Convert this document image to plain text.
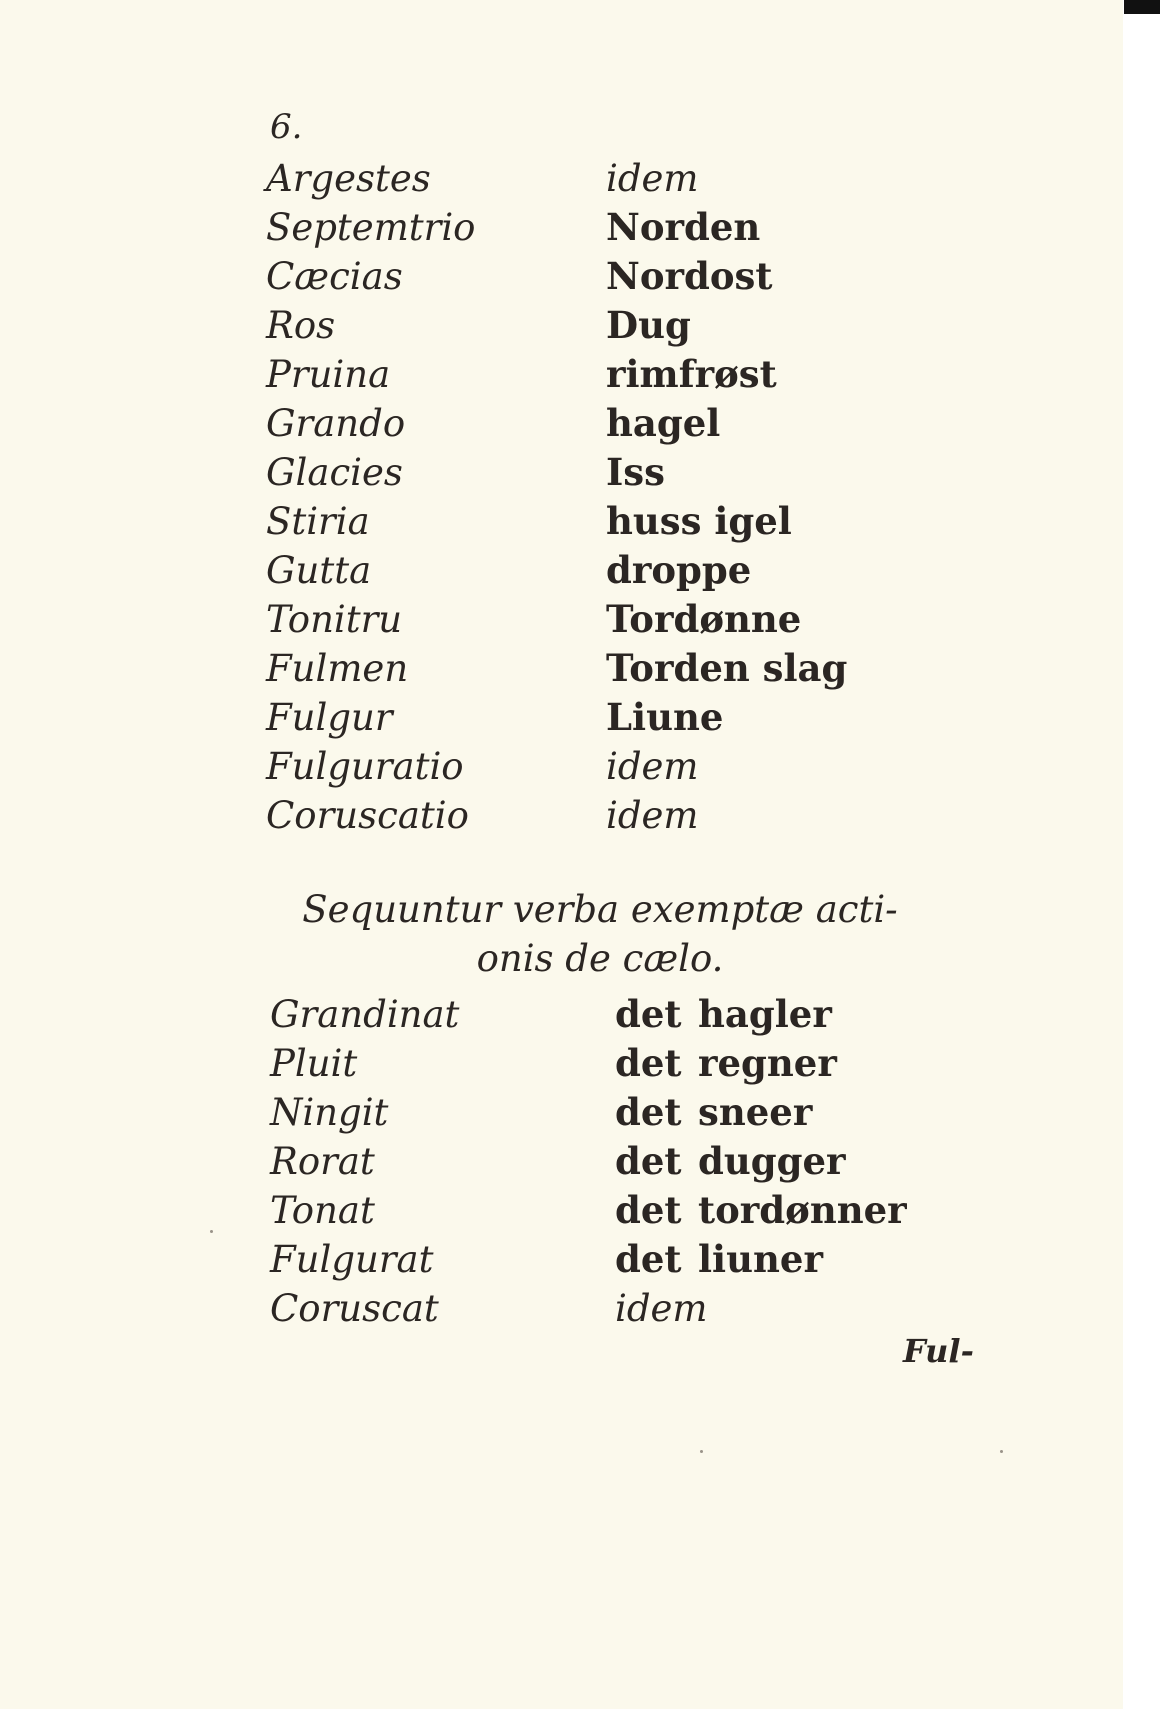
6.
Argestes	idem
Septemtrio	Norden
Cæcias	Nordost
Ros	Dug
Pruina	rimfrøst
Grando	hagel
Glacies	Iss
Stiria	huss igel
Gutta	droppe
Tonitru	Tordønne
Fulmen	Torden slag
Fulgur	Liune
Fulguratio	idem
Coruscatio	idem
Sequuntur verba exemptæ acti-
onis de cælo.
Grandinat	det hagler
Pluit	det regner
Ningit	det sneer
Rorat	det dugger
Tonat	det tordønner
Fulgurat	det liuner
Coruscat	idem
Ful-
